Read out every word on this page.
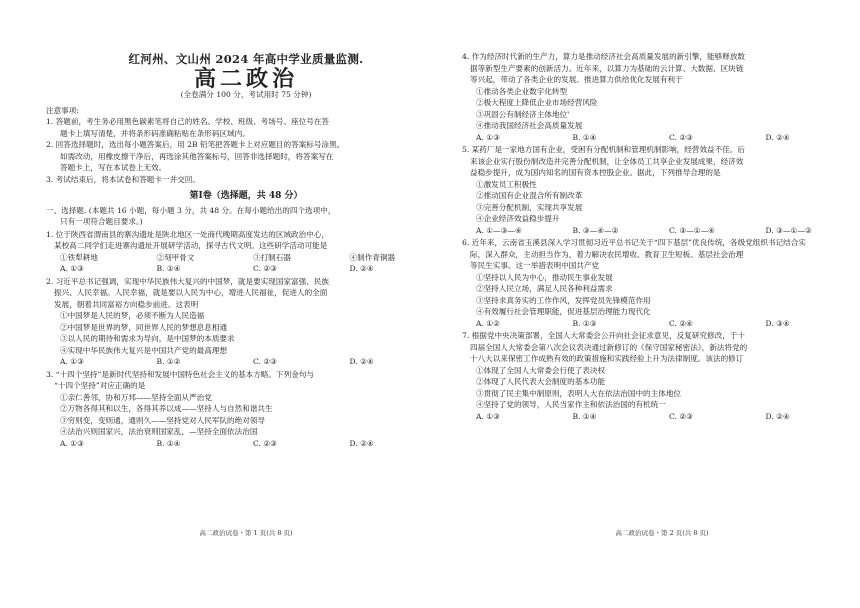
红河州、文山州 2024 年高中学业质量监测.
高二政治
(全卷满分 100 分，考试用时 75 分钟)
注意事项:
1. 答题前，考生务必用黑色碳素笔将自己的姓名、学校、班级、考场号、座位号在答
题卡上填写清楚，并将条形码准确粘贴在条形码区域内。
2. 回答选择题时，选出每小题答案后，用 2B 铅笔把答题卡上对应题目的答案标号涂黑。
如需改动，用橡皮擦干净后，再选涂其他答案标号，回答非选择题时，将答案写在
答题卡上，写在本试卷上无效。
3. 考试结束后，将本试卷和答题卡一并交回。
第Ⅰ卷（选择题，共 48 分）
一、选择题. (本题共 16 小题，每小题 3 分，共 48 分。在每小题给出的四个选项中，
只有一项符合题目要求。)
1. 位于陕西省渭南县的寨沟遗址是陕北地区一处商代晚期高度发达的区域政治中心，
某校高二同学们走进寨沟遗址开展研学活动，探寻古代文明。这些研学活动可能是
①铁犁耕地	②刻甲骨文	③打制石器	④制作青铜器
A. ①③	B. ①④	C. ②③	D. ②④
2. 习近平总书记强调，实现中华民族伟大复兴的中国梦，就是要实现国家富强、民族
振兴、人民幸福。人民幸福，就是要以人民为中心，增进人民福祉，促进人的全面
发展，朝着共同富裕方向稳步前进。这表明
①中国梦是人民的梦，必须不断为人民造福
②中国梦是世界的梦，同世界人民的梦想息息相通
③以人民的期待和需求为导向，是中国梦的本质要求
④实现中华民族伟大复兴是中国共产党的最高理想
A. ①③	B. ①②	C. ②③	D. ②④
3. “十四个坚持”是新时代坚持和发展中国特色社会主义的基本方略。下列金句与
“十四个坚持”对应正确的是
①亲仁善邻，协和万邦——坚持全面从严治党
②万物各得其和以生，各得其养以成——坚持人与自然和谐共生
③穷则变，变则通，通则久——坚持党对人民军队的绝对领导
④法治兴则国家兴，法治衰则国家乱，—坚持全面依法治国
A. ①③	B. ①④	C. ②③	D. ②④
4. 作为经济时代新的生产力，算力是推动经济社会高质量发展的新引擎，能够释放数
据等新型生产要素的创新活力。近年来，以算力为基础的云计算、大数据、区块链
等兴起，带动了各类企业的发展。推进算力供给优化发展有利于
①推动各类企业数字化转型
②极大程度上降低企业市场经营风险
③巩固公有制经济主体地位'
④推动我国经济社会高质量发展
A. ①③	B. ①④	C. ②③	D. ②④
5. 某药厂是一家地方国有企业，受困有分配机制和管理机制影响，经营效益不佳。后
来该企业实行股份制改造并完善分配机制，让全体员工共享企业发展成果，经济效
益稳步提升，成为国内知名的国有资本控股企业。据此，下列推导合理的是
①激发员工积极性
②推动国有企业混合所有制改革
③完善分配机制，实现共享发展
④企业经济效益稳步提升
A. ①—③—④	B. ③—④—②	C. ③—①—④	D. ③—①—②
6. 近年来，云南省玉溪县深入学习贯彻习近平总书记关于“四下基层”优良传统，各级党组织书记结合实
际，深入群众，主动担当作为，着力解决农民增收、教育卫生短板、基层社会治理
等民生实事。这一举措表明中国共产党
①坚持以人民为中心，推动民生事业发展
②坚持人民立场，满足人民各种利益需求
③坚持求真务实的工作作风，发挥党员先锋模范作用
④有效履行社会管理职能，促进基层治理能力现代化
A. ①②	B. ①③	C. ②④	D. ③④
7. 根据党中央决策部署，全国人大常委会公开向社会征求意见，反复研究修改，于十
四届全国人大常委会第八次会议表决通过新修订的《保守国家秘密法》，新法将党的
十八大以来保密工作成熟有效的政策措施和实践经验上升为法律制度。该法的修订
①体现了全国人大常委会行使了表决权
②体现了人民代表大会制度的基本功能
③贯彻了民主集中制原则，表明人大在依法治国中的主体地位
④坚持了党的领导，人民当家作主和依法治国的有机统一
A. ①③	B. ①④	C. ②③	D. ②④
高二政治试卷・第 1 页(共 8 页)	高二政治试卷・第 2 页(共 8 页)
